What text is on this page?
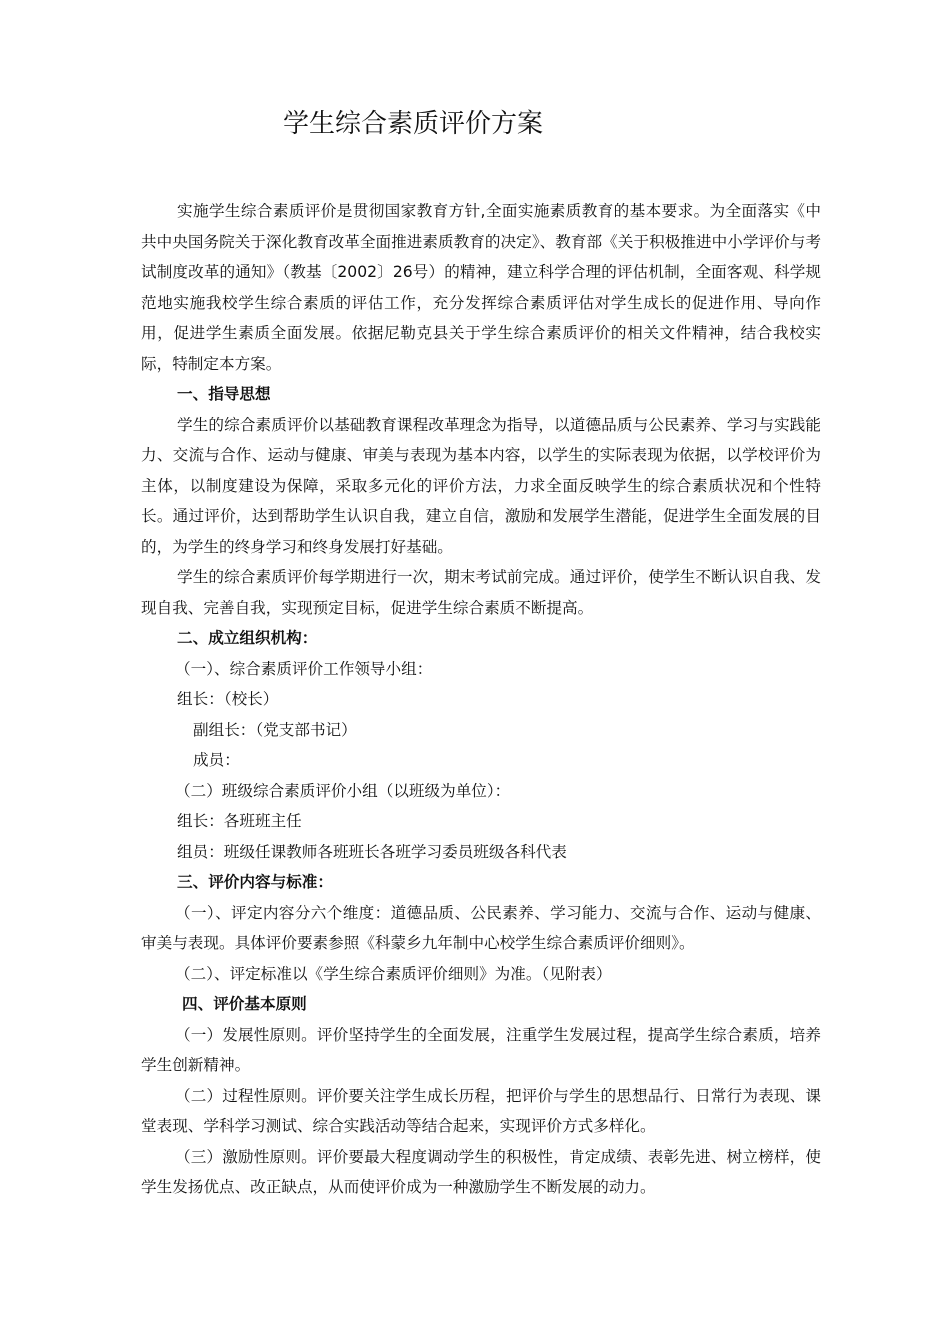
学生综合素质评价方案

实施学生综合素质评价是贯彻国家教育方针,全面实施素质教育的基本要求。为全面落实《中共中央国务院关于深化教育改革全面推进素质教育的决定》、教育部《关于积极推进中小学评价与考试制度改革的通知》（教基〔2002〕26号）的精神，建立科学合理的评估机制，全面客观、科学规范地实施我校学生综合素质的评估工作，充分发挥综合素质评估对学生成长的促进作用、导向作用，促进学生素质全面发展。依据尼勒克县关于学生综合素质评价的相关文件精神，结合我校实际，特制定本方案。

一、指导思想

学生的综合素质评价以基础教育课程改革理念为指导，以道德品质与公民素养、学习与实践能力、交流与合作、运动与健康、审美与表现为基本内容，以学生的实际表现为依据，以学校评价为主体，以制度建设为保障，采取多元化的评价方法，力求全面反映学生的综合素质状况和个性特长。通过评价，达到帮助学生认识自我，建立自信，激励和发展学生潜能，促进学生全面发展的目的，为学生的终身学习和终身发展打好基础。

学生的综合素质评价每学期进行一次，期末考试前完成。通过评价，使学生不断认识自我、发现自我、完善自我，实现预定目标，促进学生综合素质不断提高。

二、成立组织机构：

（一）、综合素质评价工作领导小组：

组长：（校长）

副组长：（党支部书记）

成员：

（二）班级综合素质评价小组（以班级为单位）：

组长：各班班主任

组员：班级任课教师各班班长各班学习委员班级各科代表

三、评价内容与标准：

（一）、评定内容分六个维度：道德品质、公民素养、学习能力、交流与合作、运动与健康、审美与表现。具体评价要素参照《科蒙乡九年制中心校学生综合素质评价细则》。

（二）、评定标准以《学生综合素质评价细则》为准。（见附表）

四、评价基本原则

（一）发展性原则。评价坚持学生的全面发展，注重学生发展过程，提高学生综合素质，培养学生创新精神。

（二）过程性原则。评价要关注学生成长历程，把评价与学生的思想品行、日常行为表现、课堂表现、学科学习测试、综合实践活动等结合起来，实现评价方式多样化。

（三）激励性原则。评价要最大程度调动学生的积极性，肯定成绩、表彰先进、树立榜样，使学生发扬优点、改正缺点，从而使评价成为一种激励学生不断发展的动力。
